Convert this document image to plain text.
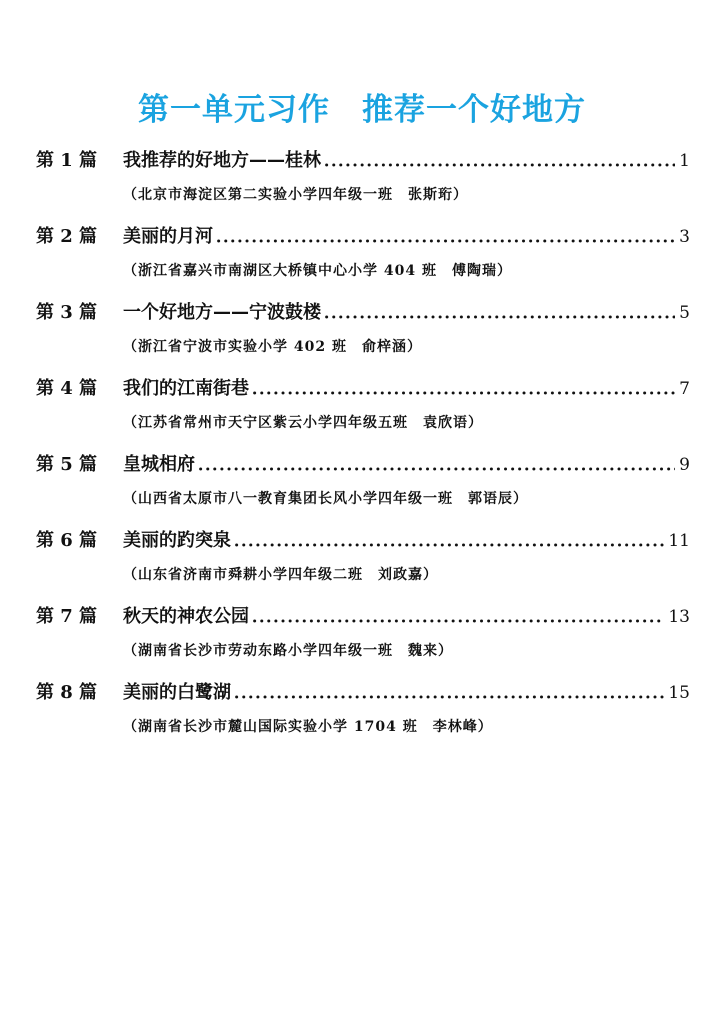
第一单元习作　推荐一个好地方
第 1 篇	我推荐的好地方——桂林 ●●●●●●●●●●●●●●●●●●●●●●●●●●●●●●●●●●●●●●●●●●●●●●●●●●●●●●●●●●●●●●●●●●●●●●●●●●●●●●●●●●●●●●●●●●●●●	1
（北京市海淀区第二实验小学四年级一班　张斯珩）
第 2 篇	美丽的月河 ●●●●●●●●●●●●●●●●●●●●●●●●●●●●●●●●●●●●●●●●●●●●●●●●●●●●●●●●●●●●●●●●●●●●●●●●●●●●●●●●●●●●●●●●●●●●●	3
（浙江省嘉兴市南湖区大桥镇中心小学 404 班　傅陶瑞）
第 3 篇	一个好地方——宁波鼓楼 ●●●●●●●●●●●●●●●●●●●●●●●●●●●●●●●●●●●●●●●●●●●●●●●●●●●●●●●●●●●●●●●●●●●●●●●●●●●●●●●●●●●●●●●●●●●●●	5
（浙江省宁波市实验小学 402 班　俞梓涵）
第 4 篇	我们的江南街巷 ●●●●●●●●●●●●●●●●●●●●●●●●●●●●●●●●●●●●●●●●●●●●●●●●●●●●●●●●●●●●●●●●●●●●●●●●●●●●●●●●●●●●●●●●●●●●●	7
（江苏省常州市天宁区紫云小学四年级五班　袁欣语）
第 5 篇	皇城相府 ●●●●●●●●●●●●●●●●●●●●●●●●●●●●●●●●●●●●●●●●●●●●●●●●●●●●●●●●●●●●●●●●●●●●●●●●●●●●●●●●●●●●●●●●●●●●●	9
（山西省太原市八一教育集团长风小学四年级一班　郭语辰）
第 6 篇	美丽的趵突泉 ●●●●●●●●●●●●●●●●●●●●●●●●●●●●●●●●●●●●●●●●●●●●●●●●●●●●●●●●●●●●●●●●●●●●●●●●●●●●●●●●●●●●●●●●●●●●●	11
（山东省济南市舜耕小学四年级二班　刘政嘉）
第 7 篇	秋天的神农公园 ●●●●●●●●●●●●●●●●●●●●●●●●●●●●●●●●●●●●●●●●●●●●●●●●●●●●●●●●●●●●●●●●●●●●●●●●●●●●●●●●●●●●●●●●●●●●●	13
（湖南省长沙市劳动东路小学四年级一班　魏来）
第 8 篇	美丽的白鹭湖 ●●●●●●●●●●●●●●●●●●●●●●●●●●●●●●●●●●●●●●●●●●●●●●●●●●●●●●●●●●●●●●●●●●●●●●●●●●●●●●●●●●●●●●●●●●●●●	15
（湖南省长沙市麓山国际实验小学 1704 班　李林峰）
